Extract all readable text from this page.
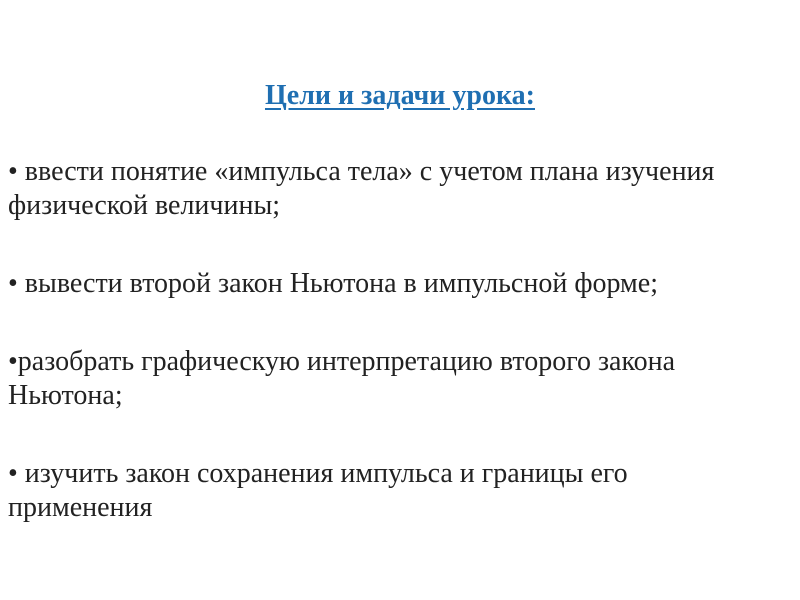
Цели и задачи урока:
• ввести понятие «импульса тела» с учетом плана изучения физической величины;
• вывести второй закон Ньютона в импульсной форме;
•разобрать графическую интерпретацию второго закона Ньютона;
• изучить закон сохранения импульса и границы его применения
